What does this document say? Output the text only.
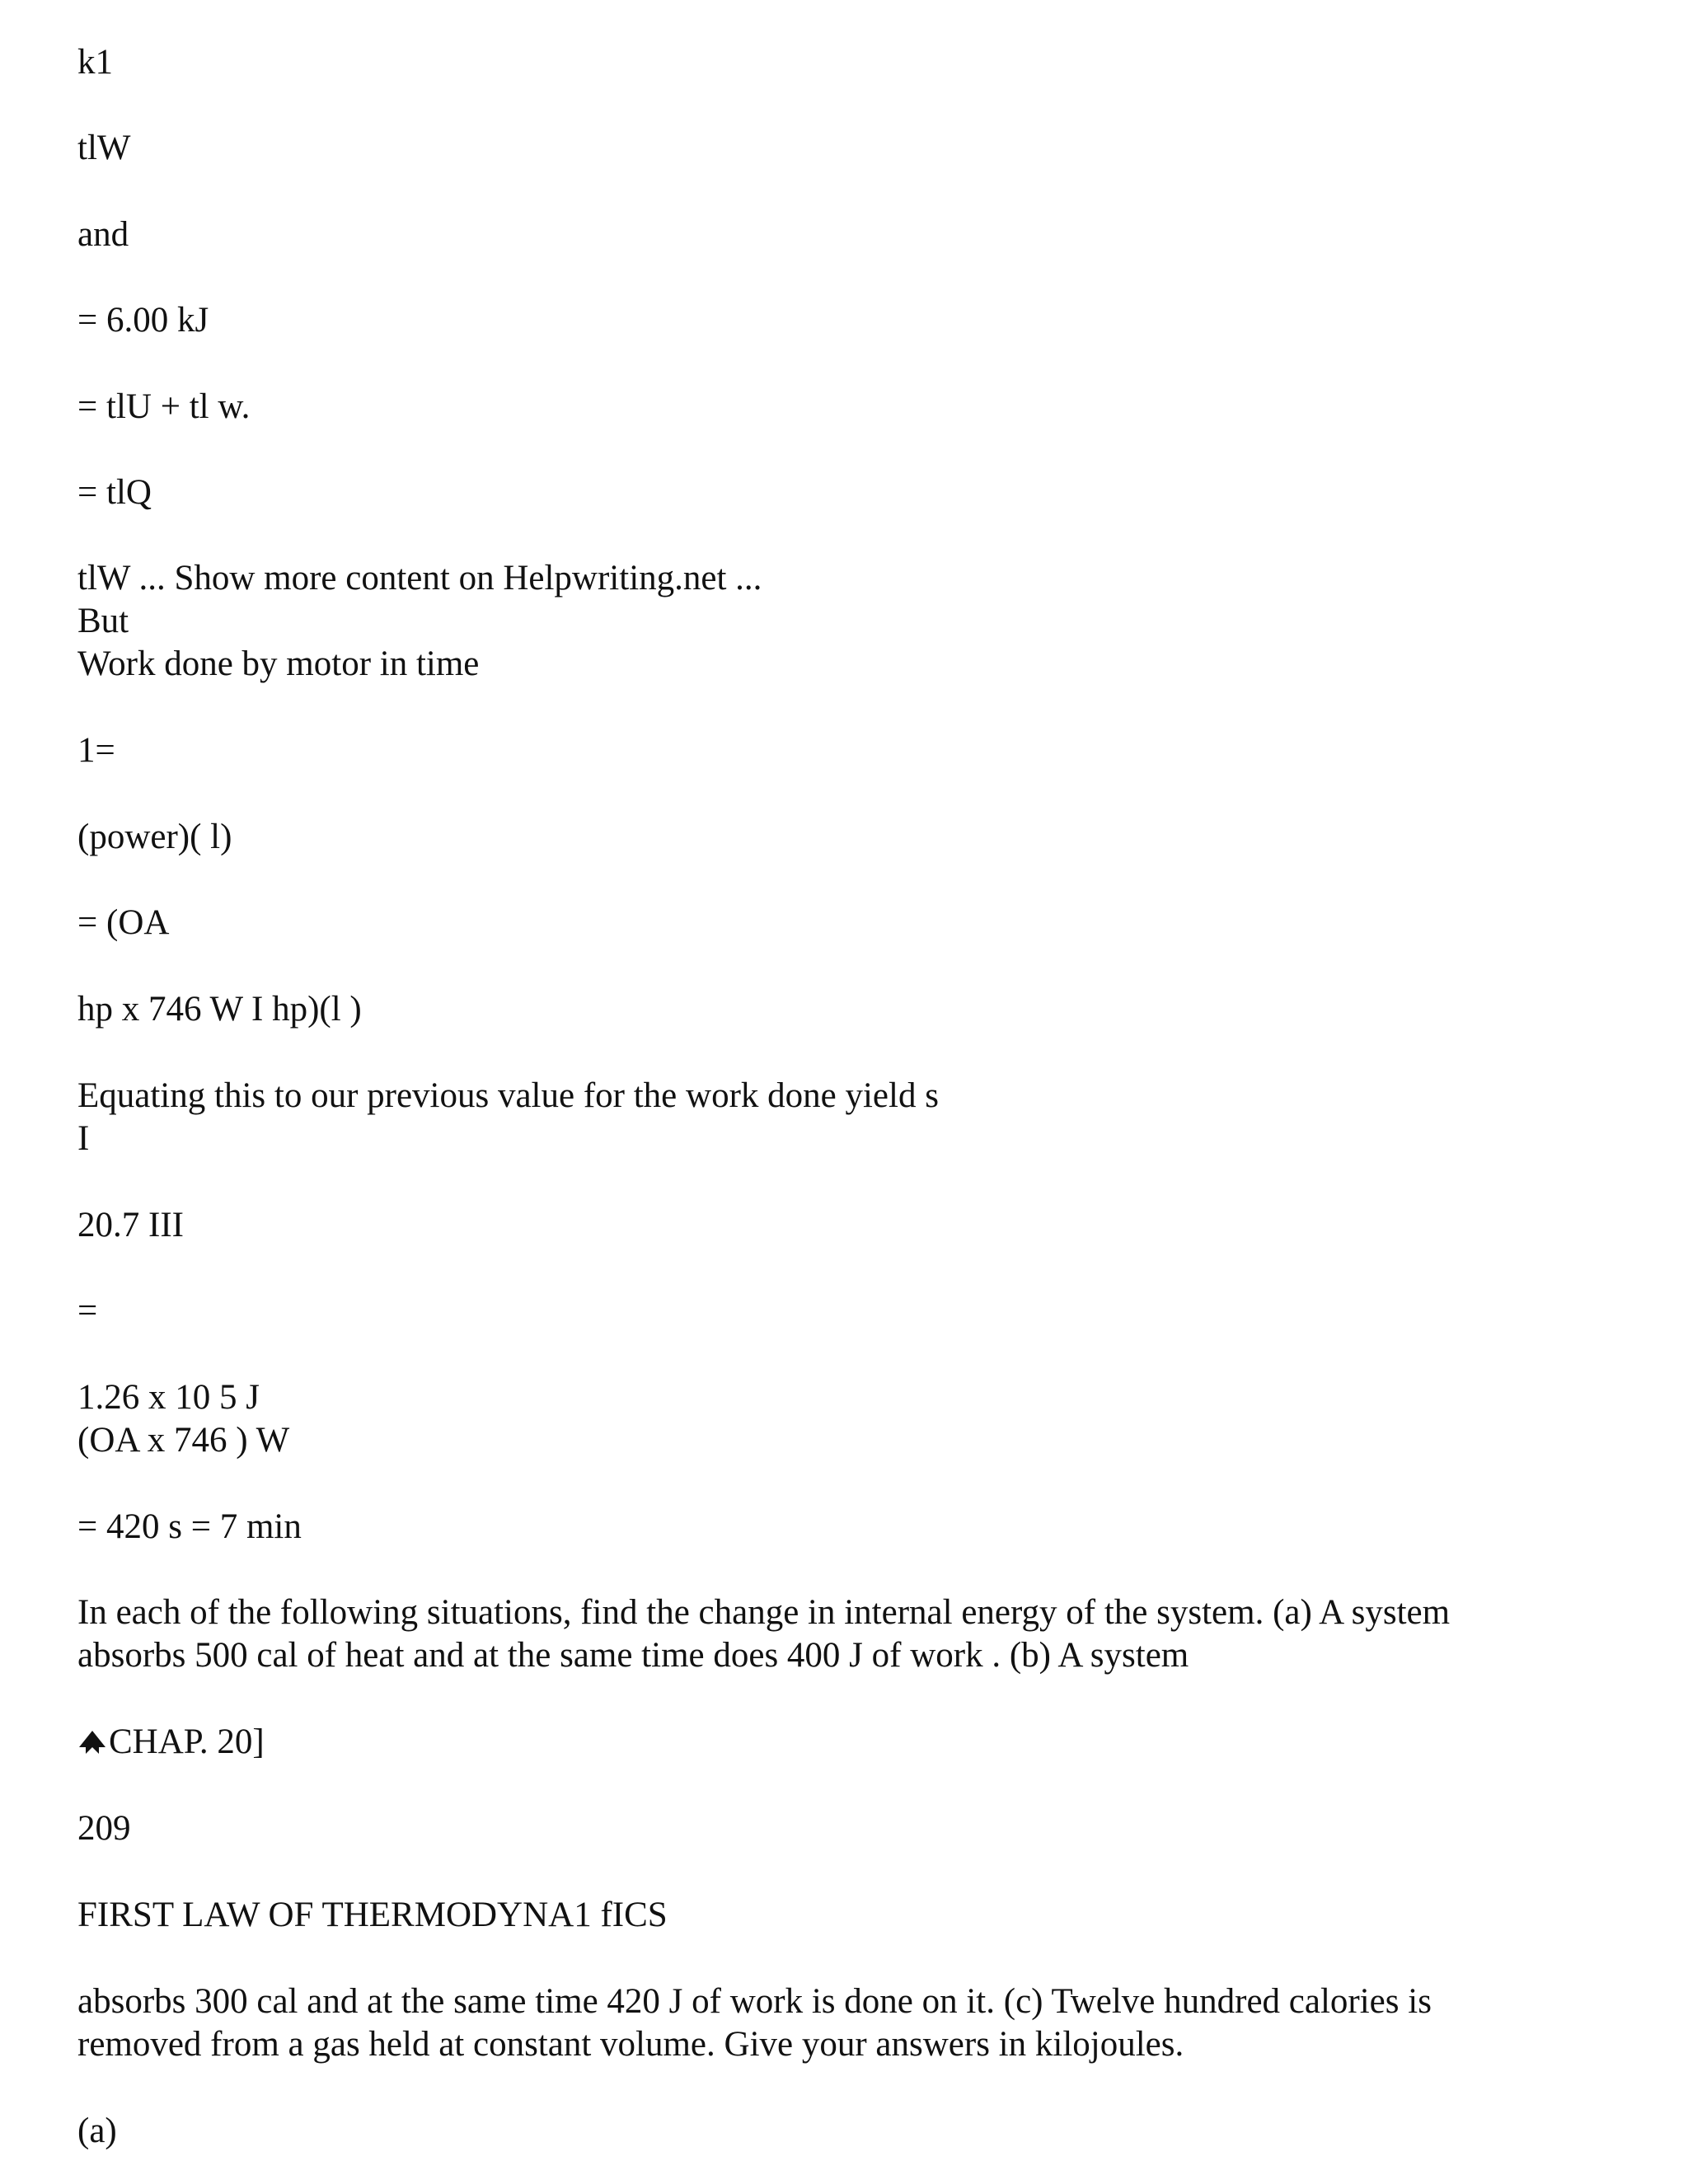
k1

tlW

and

= 6.00 kJ

= tlU + tl w.

= tlQ

tlW ... Show more content on Helpwriting.net ...

But

Work done by motor in time

1=

(power)( l)

= (OA

hp x 746 W I hp)(l )

Equating this to our previous value for the work done yield s

I

20.7 III

=

1.26 x 10 5 J

(OA x 746 ) W

= 420 s = 7 min

In each of the following situations, find the change in internal energy of the system. (a) A system

absorbs 500 cal of heat and at the same time does 400 J of work . (b) A system

CHAP. 20]

209

FIRST LAW OF THERMODYNA1 fICS

absorbs 300 cal and at the same time 420 J of work is done on it. (c) Twelve hundred calories is

removed from a gas held at constant volume. Give your answers in kilojoules.

(a)
